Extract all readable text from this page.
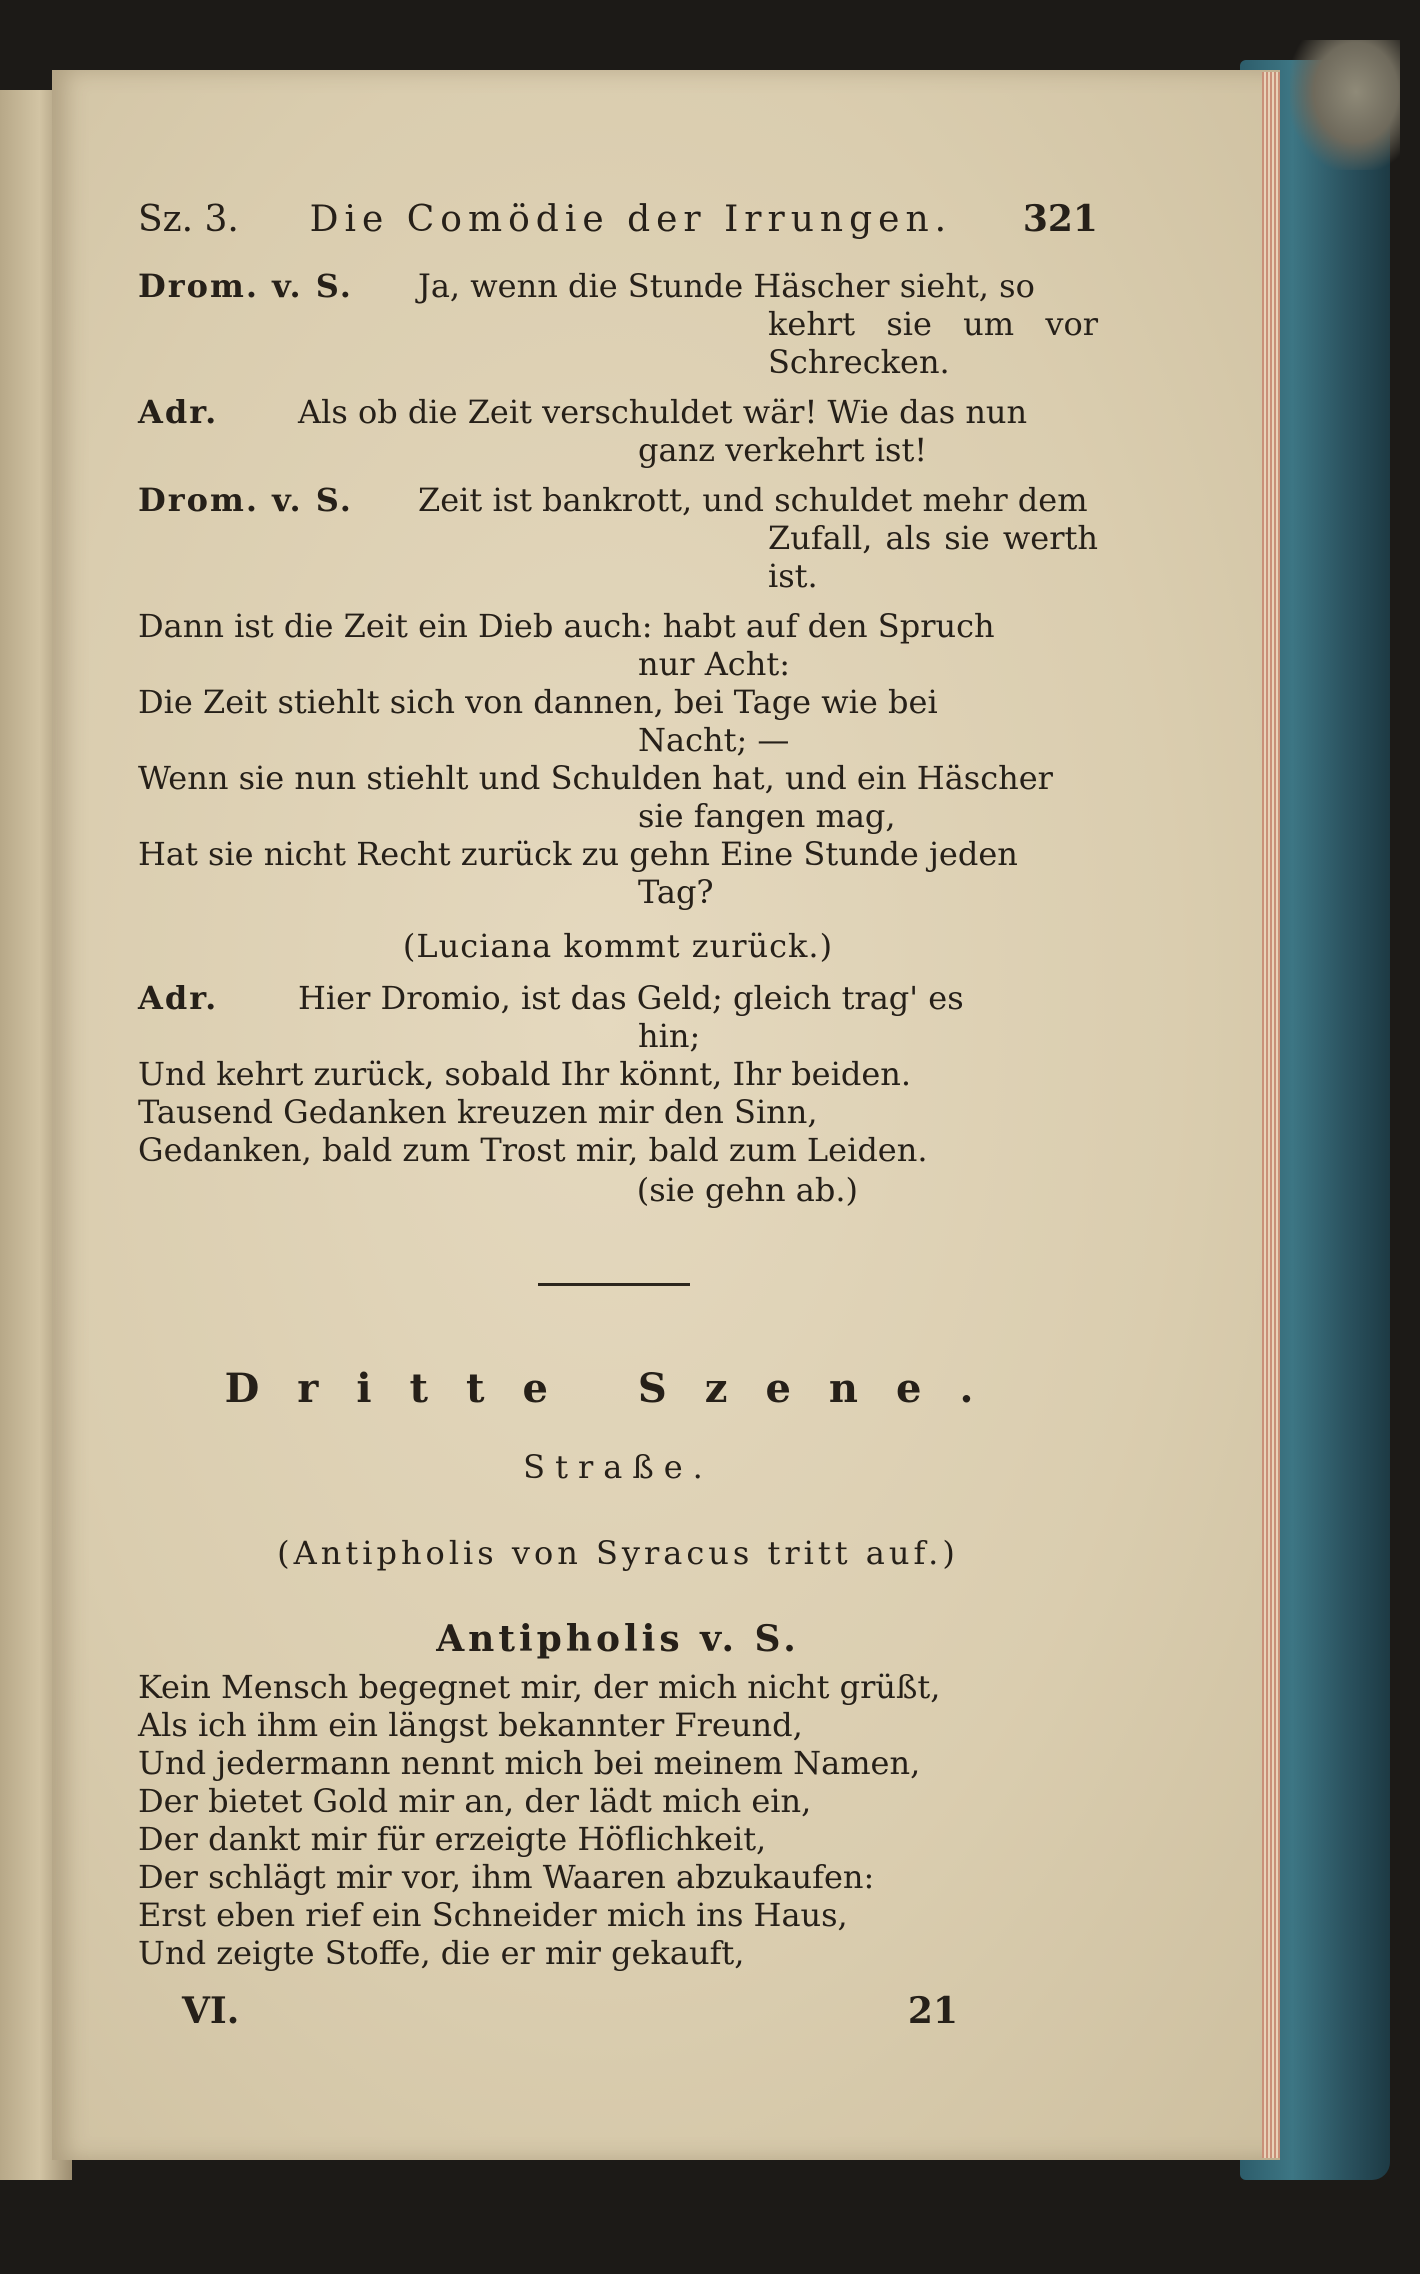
Sz. 3. Die Comödie der Irrungen. 321
Drom. v. S.	Ja, wenn die Stunde Häscher sieht, so
kehrt sie um vor Schrecken.
Adr.	Als ob die Zeit verschuldet wär! Wie das nun
ganz verkehrt ist!
Drom. v. S.	Zeit ist bankrott, und schuldet mehr dem
Zufall, als sie werth ist.
Dann ist die Zeit ein Dieb auch: habt auf den Spruch
nur Acht:
Die Zeit stiehlt sich von dannen, bei Tage wie bei
Nacht; —
Wenn sie nun stiehlt und Schulden hat, und ein Häscher
sie fangen mag,
Hat sie nicht Recht zurück zu gehn Eine Stunde jeden
Tag?
(Luciana kommt zurück.)
Adr.	Hier Dromio, ist das Geld; gleich trag' es
hin;
Und kehrt zurück, sobald Ihr könnt, Ihr beiden.
Tausend Gedanken kreuzen mir den Sinn,
Gedanken, bald zum Trost mir, bald zum Leiden.
(sie gehn ab.)
Dritte Szene.
Straße.
(Antipholis von Syracus tritt auf.)
Antipholis v. S.
Kein Mensch begegnet mir, der mich nicht grüßt,
Als ich ihm ein längst bekannter Freund,
Und jedermann nennt mich bei meinem Namen,
Der bietet Gold mir an, der lädt mich ein,
Der dankt mir für erzeigte Höflichkeit,
Der schlägt mir vor, ihm Waaren abzukaufen:
Erst eben rief ein Schneider mich ins Haus,
Und zeigte Stoffe, die er mir gekauft,
VI.	21
